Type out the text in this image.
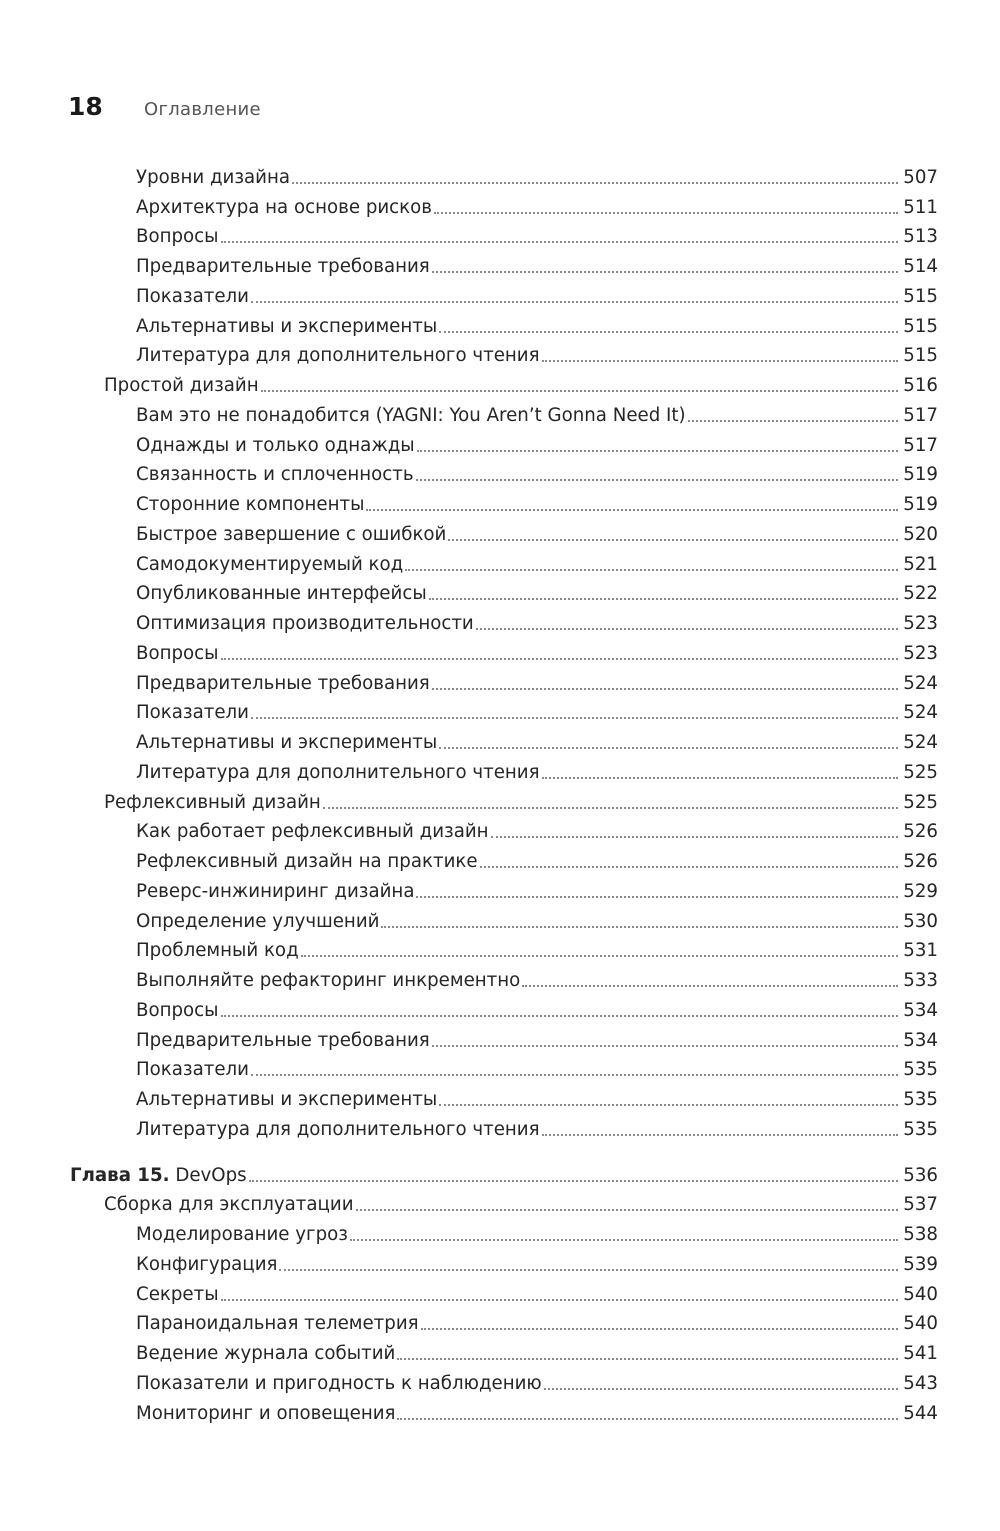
18	Оглавление
Уровни дизайна	507
Архитектура на основе рисков	511
Вопросы	513
Предварительные требования	514
Показатели	515
Альтернативы и эксперименты	515
Литература для дополнительного чтения	515
Простой дизайн	516
Вам это не понадобится (YAGNI: You Aren’t Gonna Need It)	517
Однажды и только однажды	517
Связанность и сплоченность	519
Сторонние компоненты	519
Быстрое завершение с ошибкой	520
Самодокументируемый код	521
Опубликованные интерфейсы	522
Оптимизация производительности	523
Вопросы	523
Предварительные требования	524
Показатели	524
Альтернативы и эксперименты	524
Литература для дополнительного чтения	525
Рефлексивный дизайн	525
Как работает рефлексивный дизайн	526
Рефлексивный дизайн на практике	526
Реверс-инжиниринг дизайна	529
Определение улучшений	530
Проблемный код	531
Выполняйте рефакторинг инкрементно	533
Вопросы	534
Предварительные требования	534
Показатели	535
Альтернативы и эксперименты	535
Литература для дополнительного чтения	535
Глава 15. DevOps	536
Сборка для эксплуатации	537
Моделирование угроз	538
Конфигурация	539
Секреты	540
Параноидальная телеметрия	540
Ведение журнала событий	541
Показатели и пригодность к наблюдению	543
Мониторинг и оповещения	544
